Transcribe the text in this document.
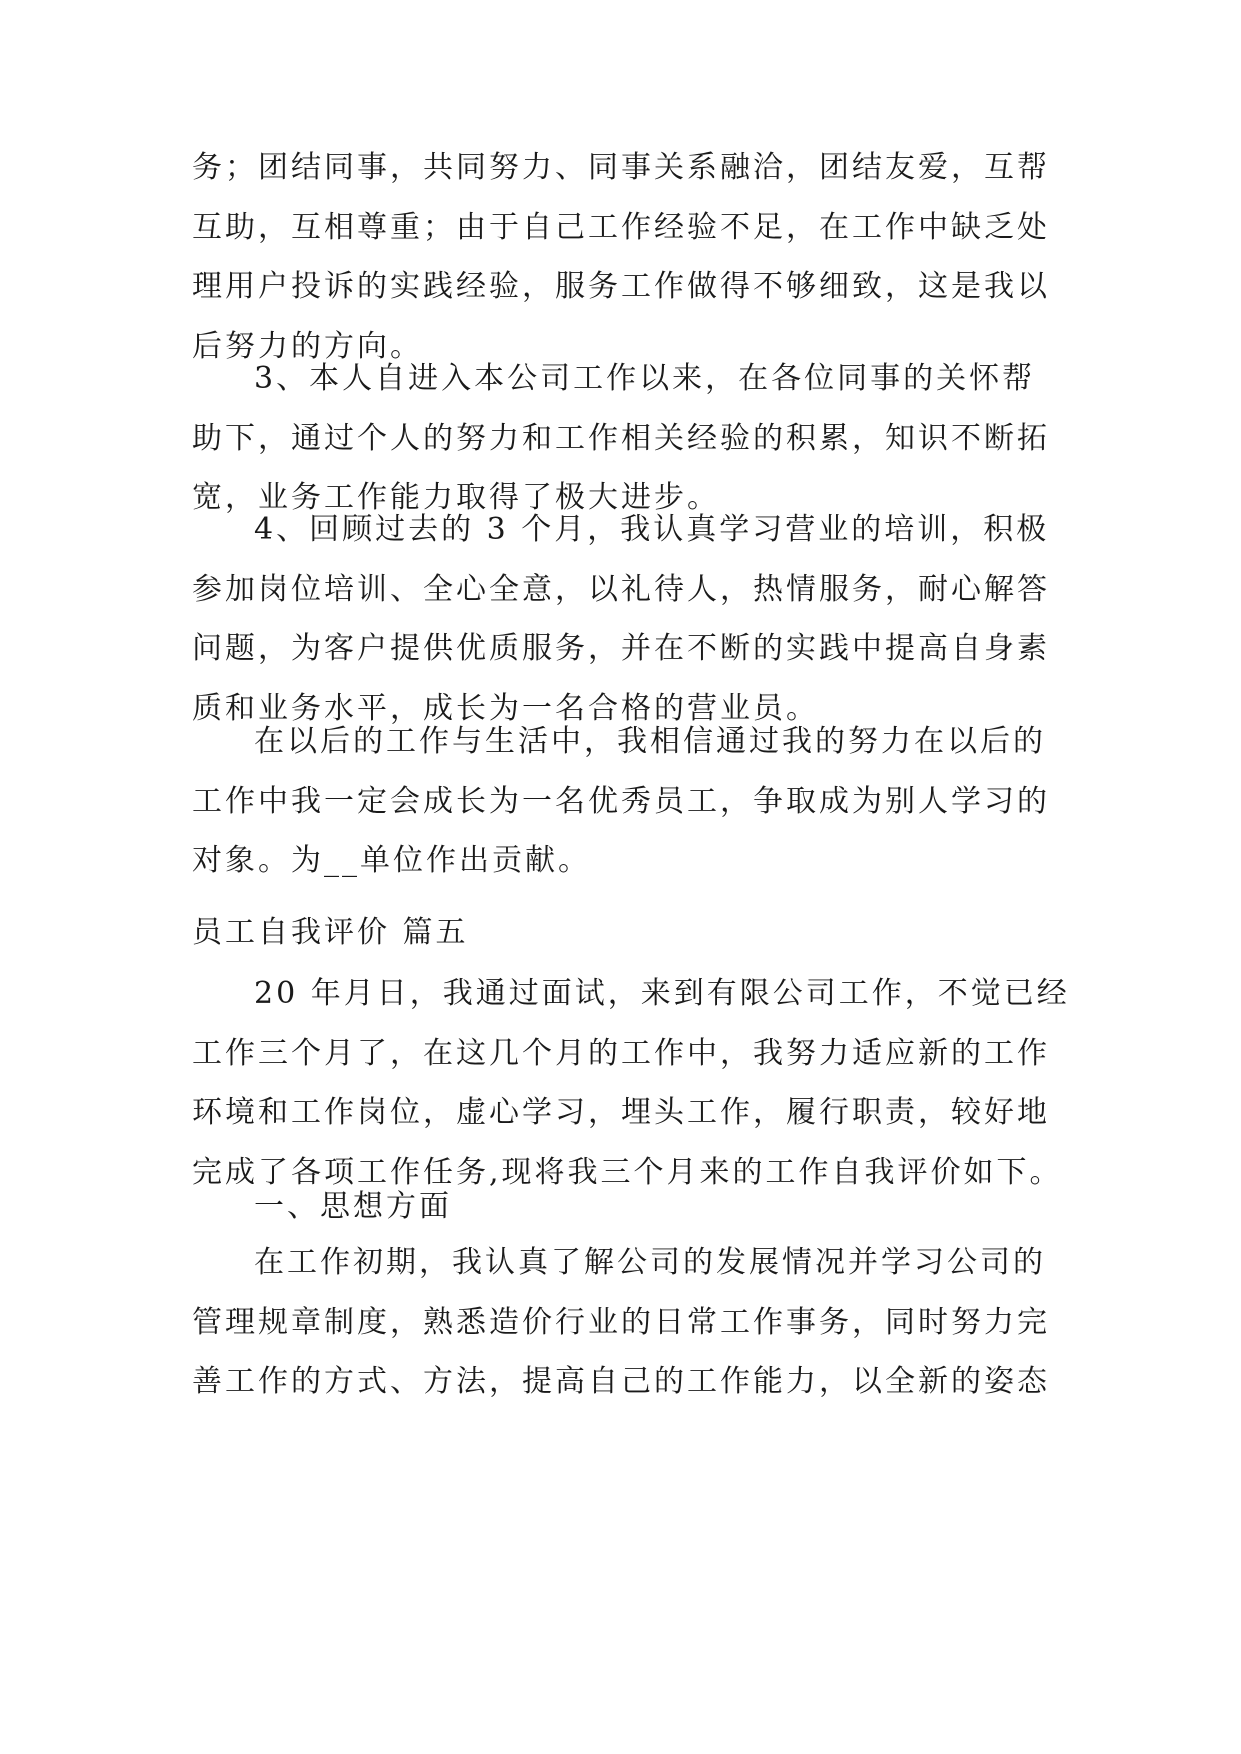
务；团结同事，共同努力、同事关系融洽，团结友爱，互帮
互助，互相尊重；由于自己工作经验不足，在工作中缺乏处
理用户投诉的实践经验，服务工作做得不够细致，这是我以
后努力的方向。
3、本人自进入本公司工作以来，在各位同事的关怀帮
助下，通过个人的努力和工作相关经验的积累，知识不断拓
宽，业务工作能力取得了极大进步。
4、回顾过去的 3 个月，我认真学习营业的培训，积极
参加岗位培训、全心全意，以礼待人，热情服务，耐心解答
问题，为客户提供优质服务，并在不断的实践中提高自身素
质和业务水平，成长为一名合格的营业员。
在以后的工作与生活中，我相信通过我的努力在以后的
工作中我一定会成长为一名优秀员工，争取成为别人学习的
对象。为__单位作出贡献。
员工自我评价 篇五
20 年月日，我通过面试，来到有限公司工作，不觉已经
工作三个月了，在这几个月的工作中，我努力适应新的工作
环境和工作岗位，虚心学习，埋头工作，履行职责，较好地
完成了各项工作任务,现将我三个月来的工作自我评价如下。
一、思想方面
在工作初期，我认真了解公司的发展情况并学习公司的
管理规章制度，熟悉造价行业的日常工作事务，同时努力完
善工作的方式、方法，提高自己的工作能力，以全新的姿态
